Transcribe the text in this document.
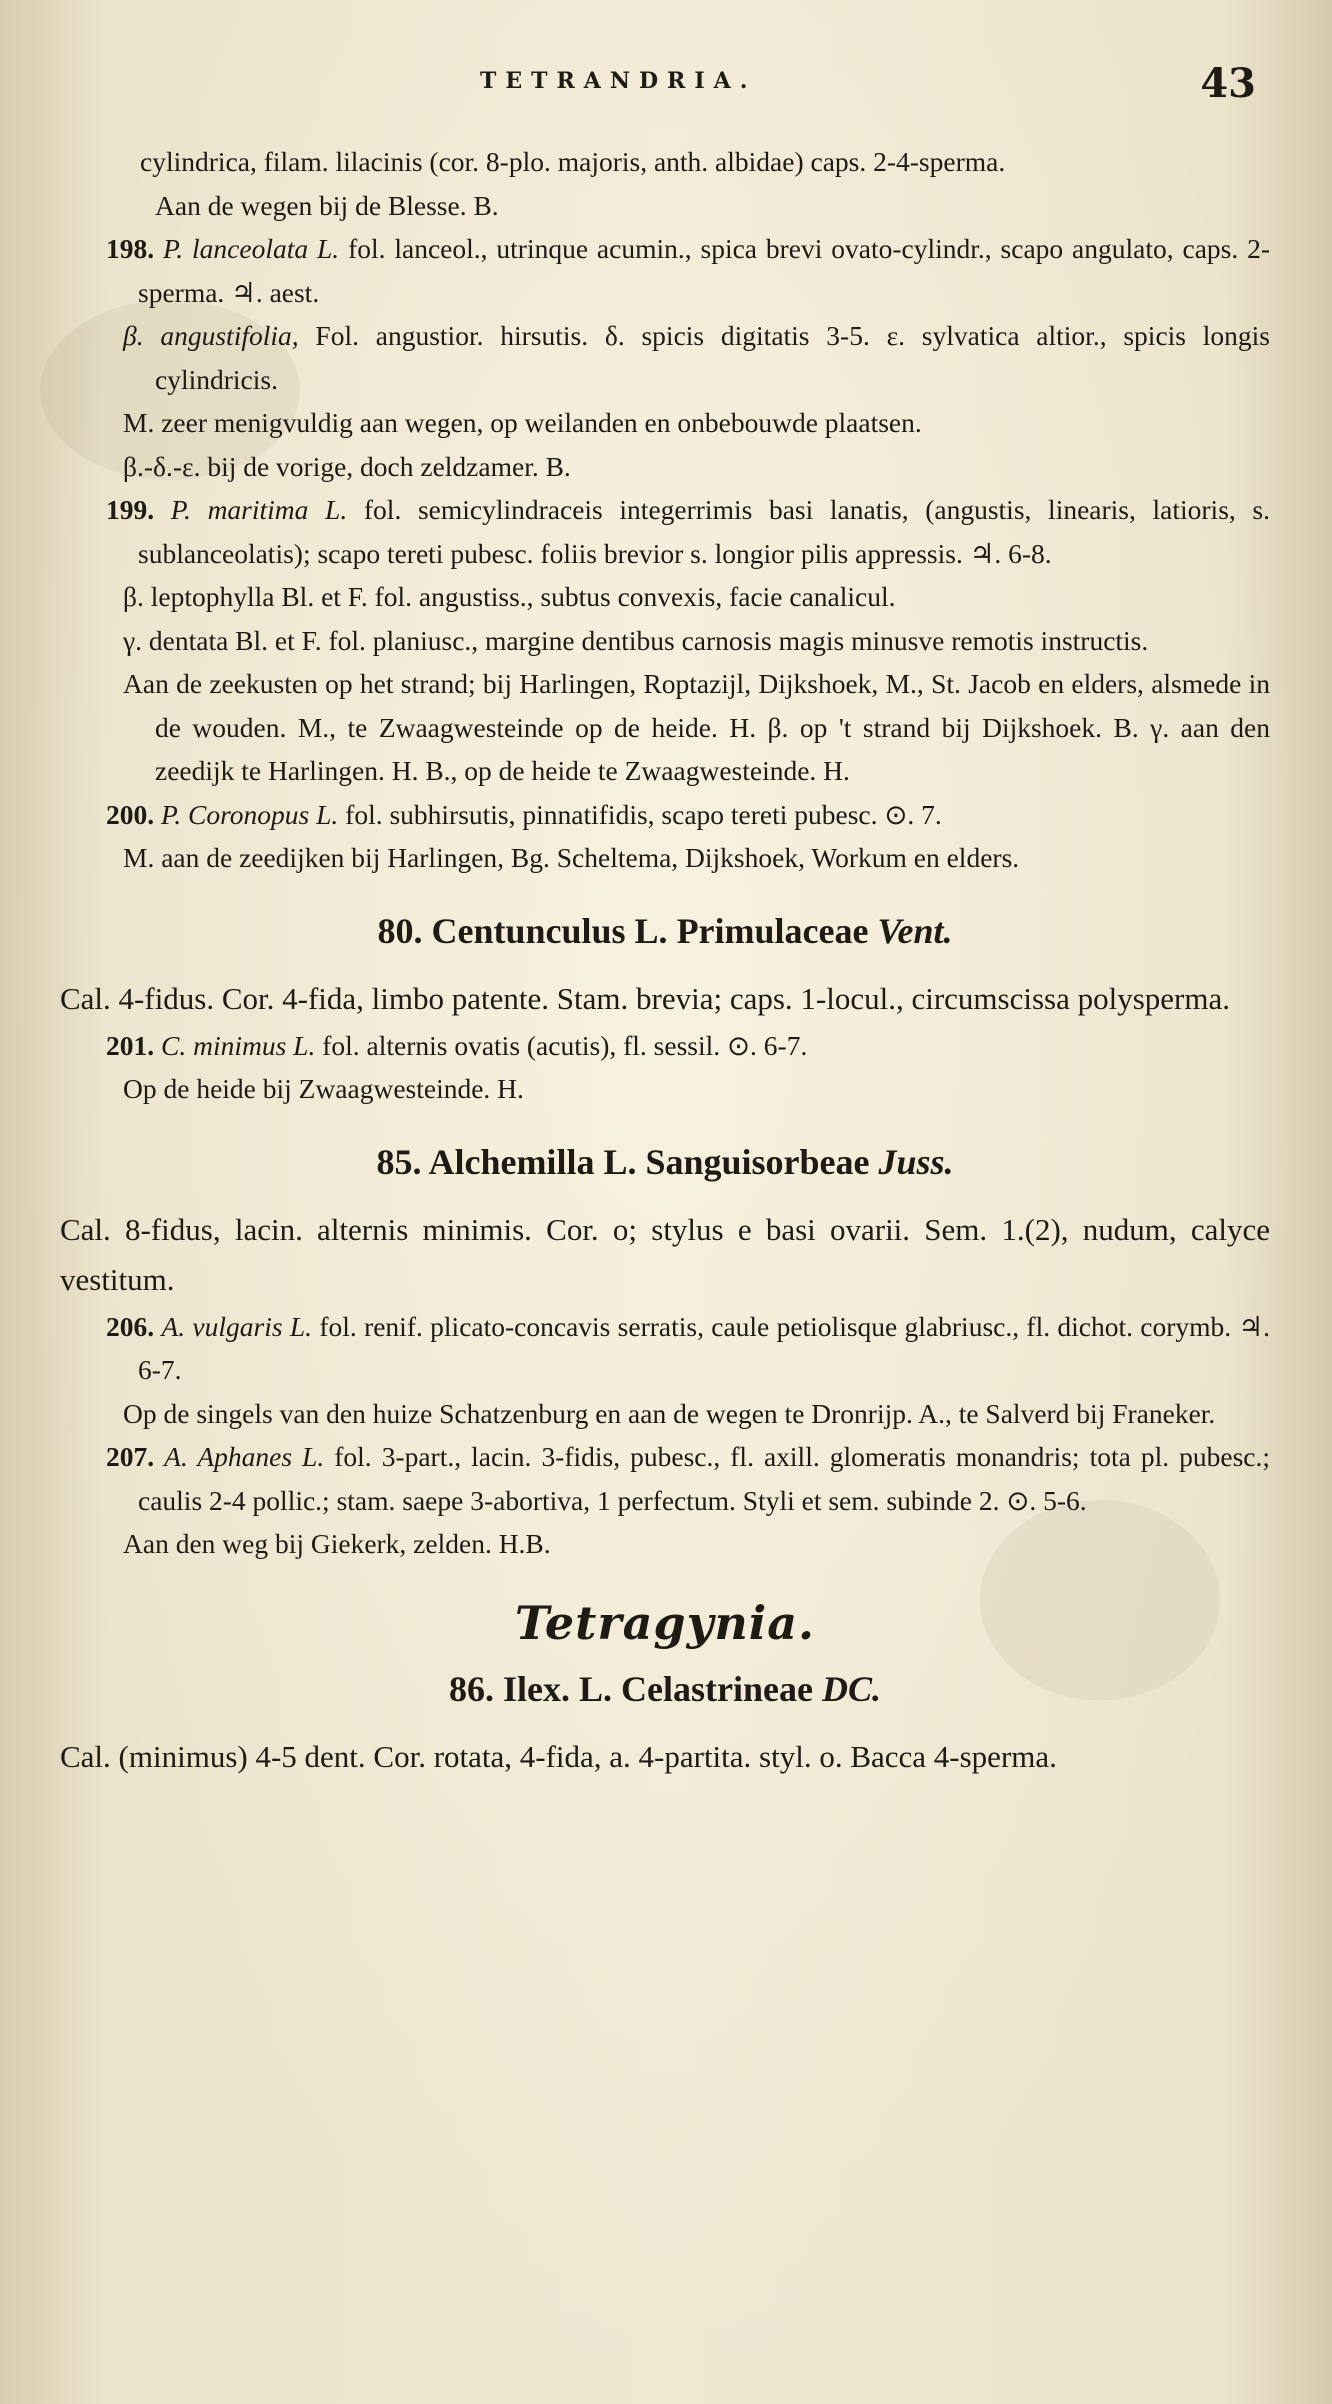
TETRANDRIA.	43

cylindrica, filam. lilacinis (cor. 8-plo. majoris, anth. albidae) caps. 2-4-sperma.

Aan de wegen bij de Blesse. B.

198. P. lanceolata L. fol. lanceol., utrinque acumin., spica brevi ovato-cylindr., scapo angulato, caps. 2-sperma. ♃. aest.

β. angustifolia, Fol. angustior. hirsutis. δ. spicis digitatis 3-5. ε. sylvatica altior., spicis longis cylindricis.

M. zeer menigvuldig aan wegen, op weilanden en onbebouwde plaatsen.

β.-δ.-ε. bij de vorige, doch zeldzamer. B.

199. P. maritima L. fol. semicylindraceis integerrimis basi lanatis, (angustis, linearis, latioris, s. sublanceolatis); scapo tereti pubesc. foliis brevior s. longior pilis appressis. ♃. 6-8.

β. leptophylla Bl. et F. fol. angustiss., subtus convexis, facie canalicul.

γ. dentata Bl. et F. fol. planiusc., margine dentibus carnosis magis minusve remotis instructis.

Aan de zeekusten op het strand; bij Harlingen, Roptazijl, Dijkshoek, M., St. Jacob en elders, alsmede in de wouden. M., te Zwaagwesteinde op de heide. H. β. op 't strand bij Dijkshoek. B. γ. aan den zeedijk te Harlingen. H. B., op de heide te Zwaagwesteinde. H.

200. P. Coronopus L. fol. subhirsutis, pinnatifidis, scapo tereti pubesc. ⊙. 7.

M. aan de zeedijken bij Harlingen, Bg. Scheltema, Dijkshoek, Workum en elders.

80. Centunculus L. Primulaceae Vent.

Cal. 4-fidus. Cor. 4-fida, limbo patente. Stam. brevia; caps. 1-locul., circumscissa polysperma.

201. C. minimus L. fol. alternis ovatis (acutis), fl. sessil. ⊙. 6-7.

Op de heide bij Zwaagwesteinde. H.

85. Alchemilla L. Sanguisorbeae Juss.

Cal. 8-fidus, lacin. alternis minimis. Cor. o; stylus e basi ovarii. Sem. 1.(2), nudum, calyce vestitum.

206. A. vulgaris L. fol. renif. plicato-concavis serratis, caule petiolisque glabriusc., fl. dichot. corymb. ♃. 6-7.

Op de singels van den huize Schatzenburg en aan de wegen te Dronrijp. A., te Salverd bij Franeker.

207. A. Aphanes L. fol. 3-part., lacin. 3-fidis, pubesc., fl. axill. glomeratis monandris; tota pl. pubesc.; caulis 2-4 pollic.; stam. saepe 3-abortiva, 1 perfectum. Styli et sem. subinde 2. ⊙. 5-6.

Aan den weg bij Giekerk, zelden. H.B.

Tetragynia.
86. Ilex. L. Celastrineae DC.

Cal. (minimus) 4-5 dent. Cor. rotata, 4-fida, a. 4-partita. styl. o. Bacca 4-sperma.
